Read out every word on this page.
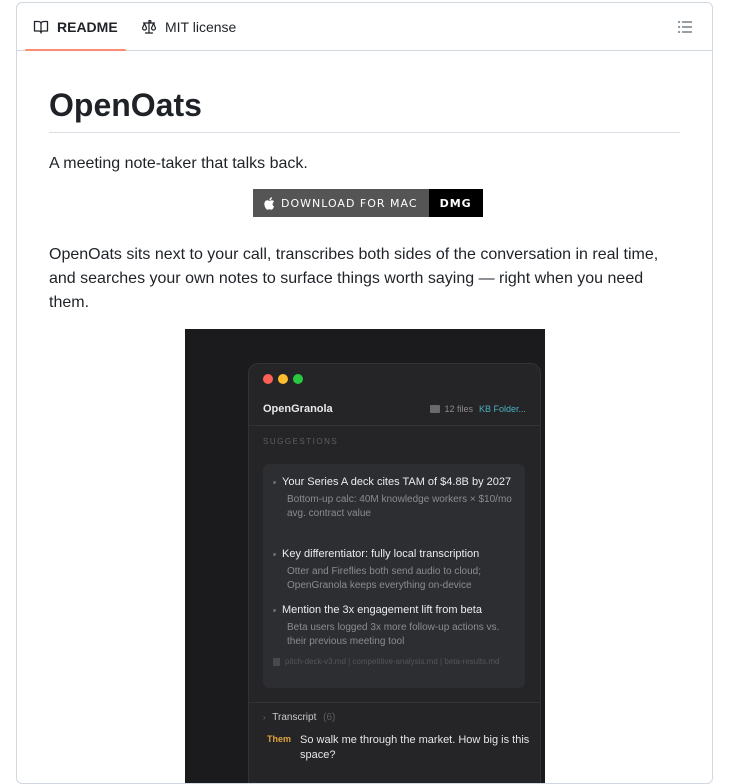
README	MIT license
OpenOats
A meeting note-taker that talks back.
DOWNLOAD FOR MAC	DMG
OpenOats sits next to your call, transcribes both sides of the conversation in real time, and searches your own notes to surface things worth saying — right when you need them.
OpenGranola	12 files KB Folder...
SUGGESTIONS
Your Series A deck cites TAM of $4.8B by 2027
Bottom-up calc: 40M knowledge workers × $10/mo avg. contract value
Key differentiator: fully local transcription
Otter and Fireflies both send audio to cloud; OpenGranola keeps everything on-device
Mention the 3x engagement lift from beta
Beta users logged 3x more follow-up actions vs. their previous meeting tool
pitch-deck-v3.md | competitive-analysis.md | beta-results.md
› Transcript (6)
Them So walk me through the market. How big is this space?
